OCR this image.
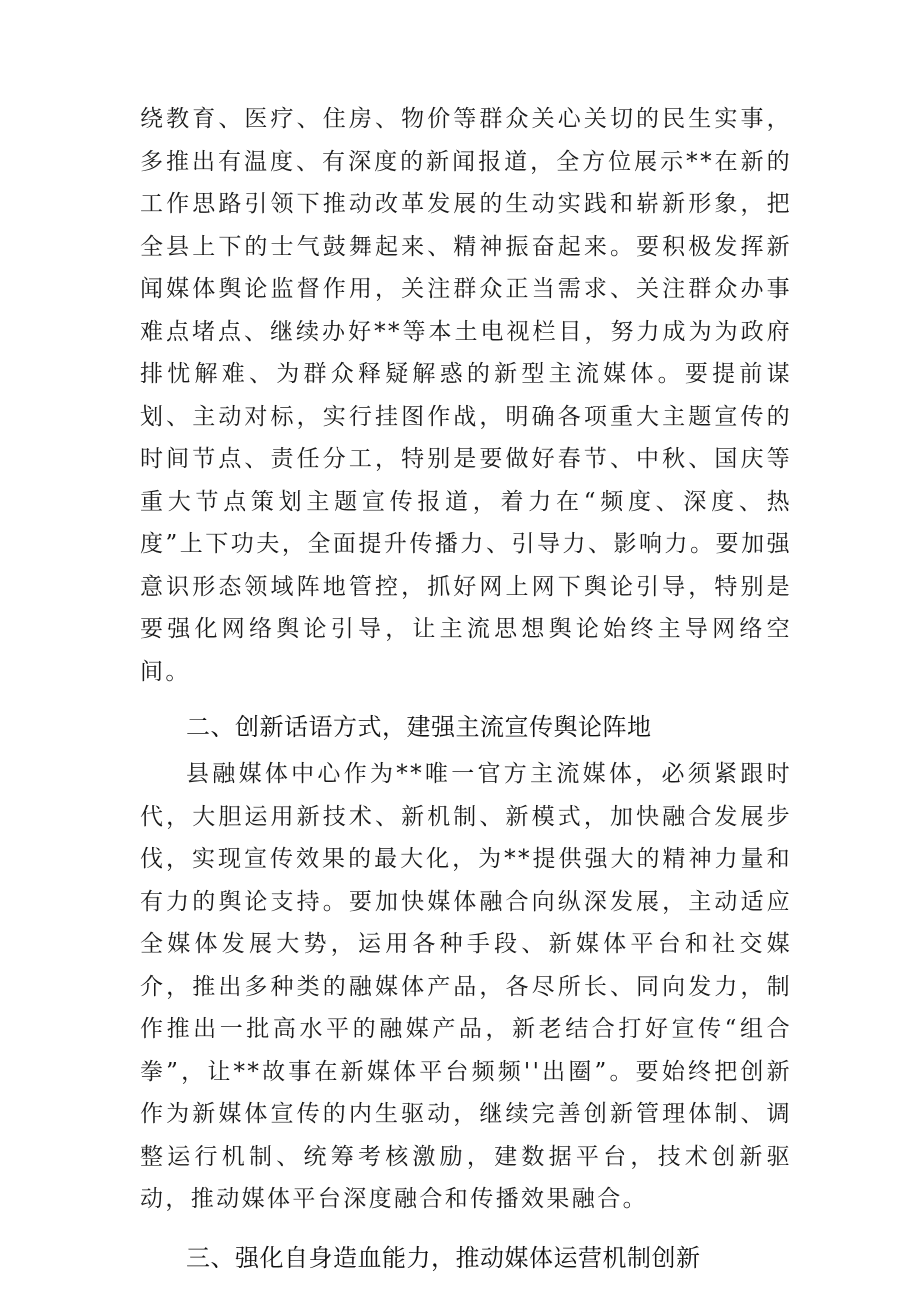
绕教育、医疗、住房、物价等群众关心关切的民生实事，多推出有温度、有深度的新闻报道，全方位展示**在新的工作思路引领下推动改革发展的生动实践和崭新形象，把全县上下的士气鼓舞起来、精神振奋起来。要积极发挥新闻媒体舆论监督作用，关注群众正当需求、关注群众办事难点堵点、继续办好**等本土电视栏目，努力成为为政府排忧解难、为群众释疑解惑的新型主流媒体。要提前谋划、主动对标，实行挂图作战，明确各项重大主题宣传的时间节点、责任分工，特别是要做好春节、中秋、国庆等重大节点策划主题宣传报道，着力在“频度、深度、热度”上下功夫，全面提升传播力、引导力、影响力。要加强意识形态领域阵地管控，抓好网上网下舆论引导，特别是要强化网络舆论引导，让主流思想舆论始终主导网络空间。

二、创新话语方式，建强主流宣传舆论阵地

县融媒体中心作为**唯一官方主流媒体，必须紧跟时代，大胆运用新技术、新机制、新模式，加快融合发展步伐，实现宣传效果的最大化，为**提供强大的精神力量和有力的舆论支持。要加快媒体融合向纵深发展，主动适应全媒体发展大势，运用各种手段、新媒体平台和社交媒介，推出多种类的融媒体产品，各尽所长、同向发力，制作推出一批高水平的融媒产品，新老结合打好宣传“组合拳”，让**故事在新媒体平台频频''出圈”。要始终把创新作为新媒体宣传的内生驱动，继续完善创新管理体制、调整运行机制、统筹考核激励，建数据平台，技术创新驱动，推动媒体平台深度融合和传播效果融合。

三、强化自身造血能力，推动媒体运营机制创新
